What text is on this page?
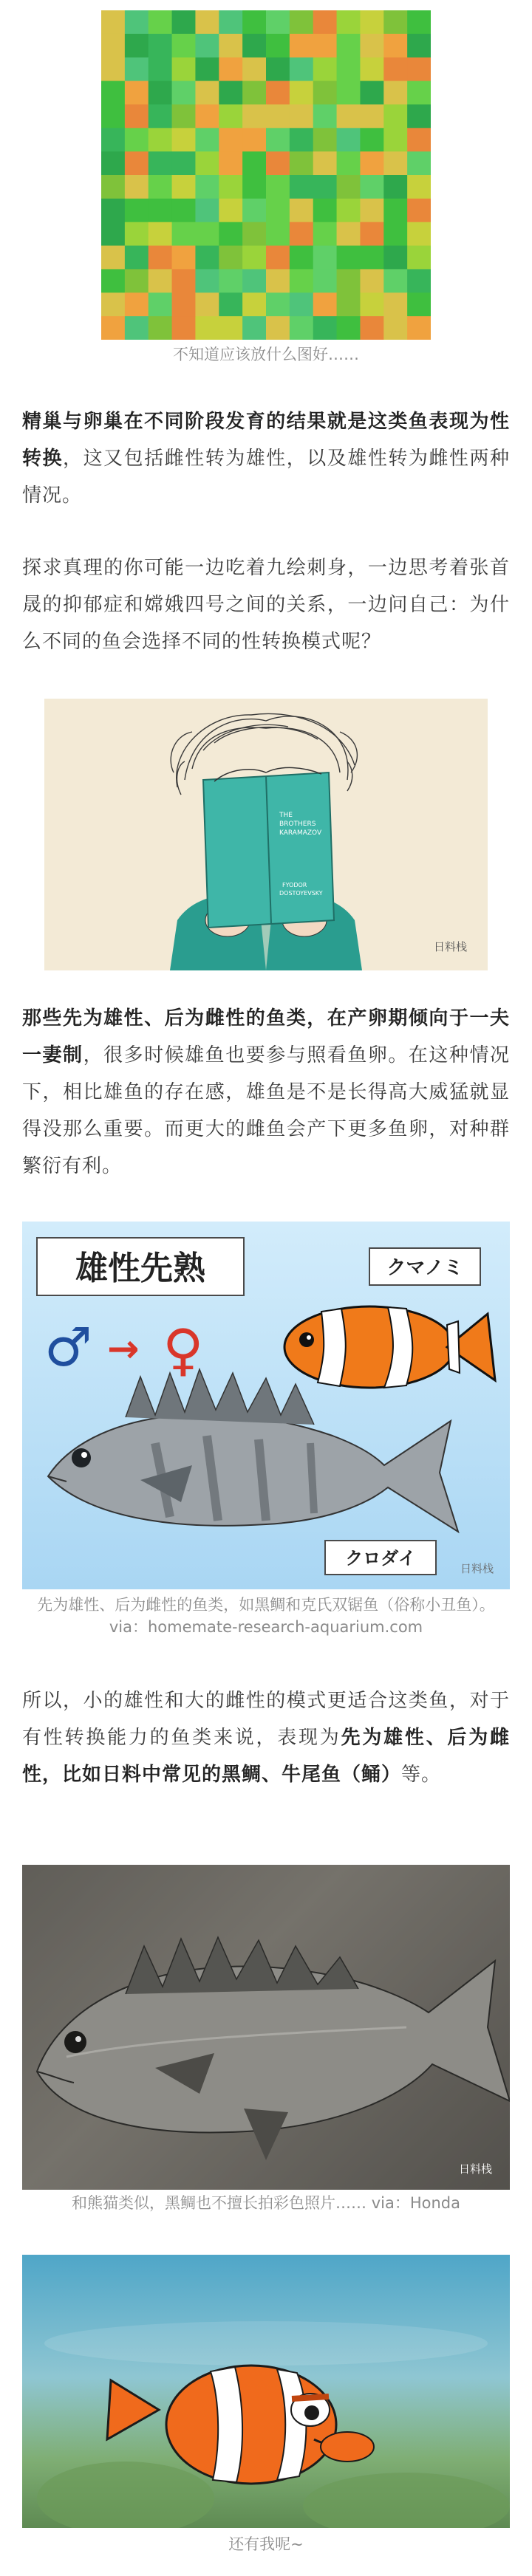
不知道应该放什么图好……

精巢与卵巢在不同阶段发育的结果就是这类鱼表现为性转换，这又包括雌性转为雄性，以及雄性转为雌性两种情况。

探求真理的你可能一边吃着九绘刺身，一边思考着张首晟的抑郁症和嫦娥四号之间的关系，一边问自己：为什么不同的鱼会选择不同的性转换模式呢？

THE
BROTHERS
KARAMAZOV
FYODOR
DOSTOYEVSKY
日料栈

那些先为雄性、后为雌性的鱼类，在产卵期倾向于一夫一妻制，很多时候雄鱼也要参与照看鱼卵。在这种情况下，相比雄鱼的存在感，雄鱼是不是长得高大威猛就显得没那么重要。而更大的雌鱼会产下更多鱼卵，对种群繁衍有利。

雄性先熟
♂ → ♀
クマノミ
クロダイ	日料栈
先为雄性、后为雌性的鱼类，如黑鲷和克氏双锯鱼（俗称小丑鱼）。via：homemate-research-aquarium.com

所以，小的雄性和大的雌性的模式更适合这类鱼，对于有性转换能力的鱼类来说，表现为先为雄性、后为雌性，比如日料中常见的黑鲷、牛尾鱼（鲬）等。

日料栈
和熊猫类似，黑鲷也不擅长拍彩色照片…… via：Honda
还有我呢~
